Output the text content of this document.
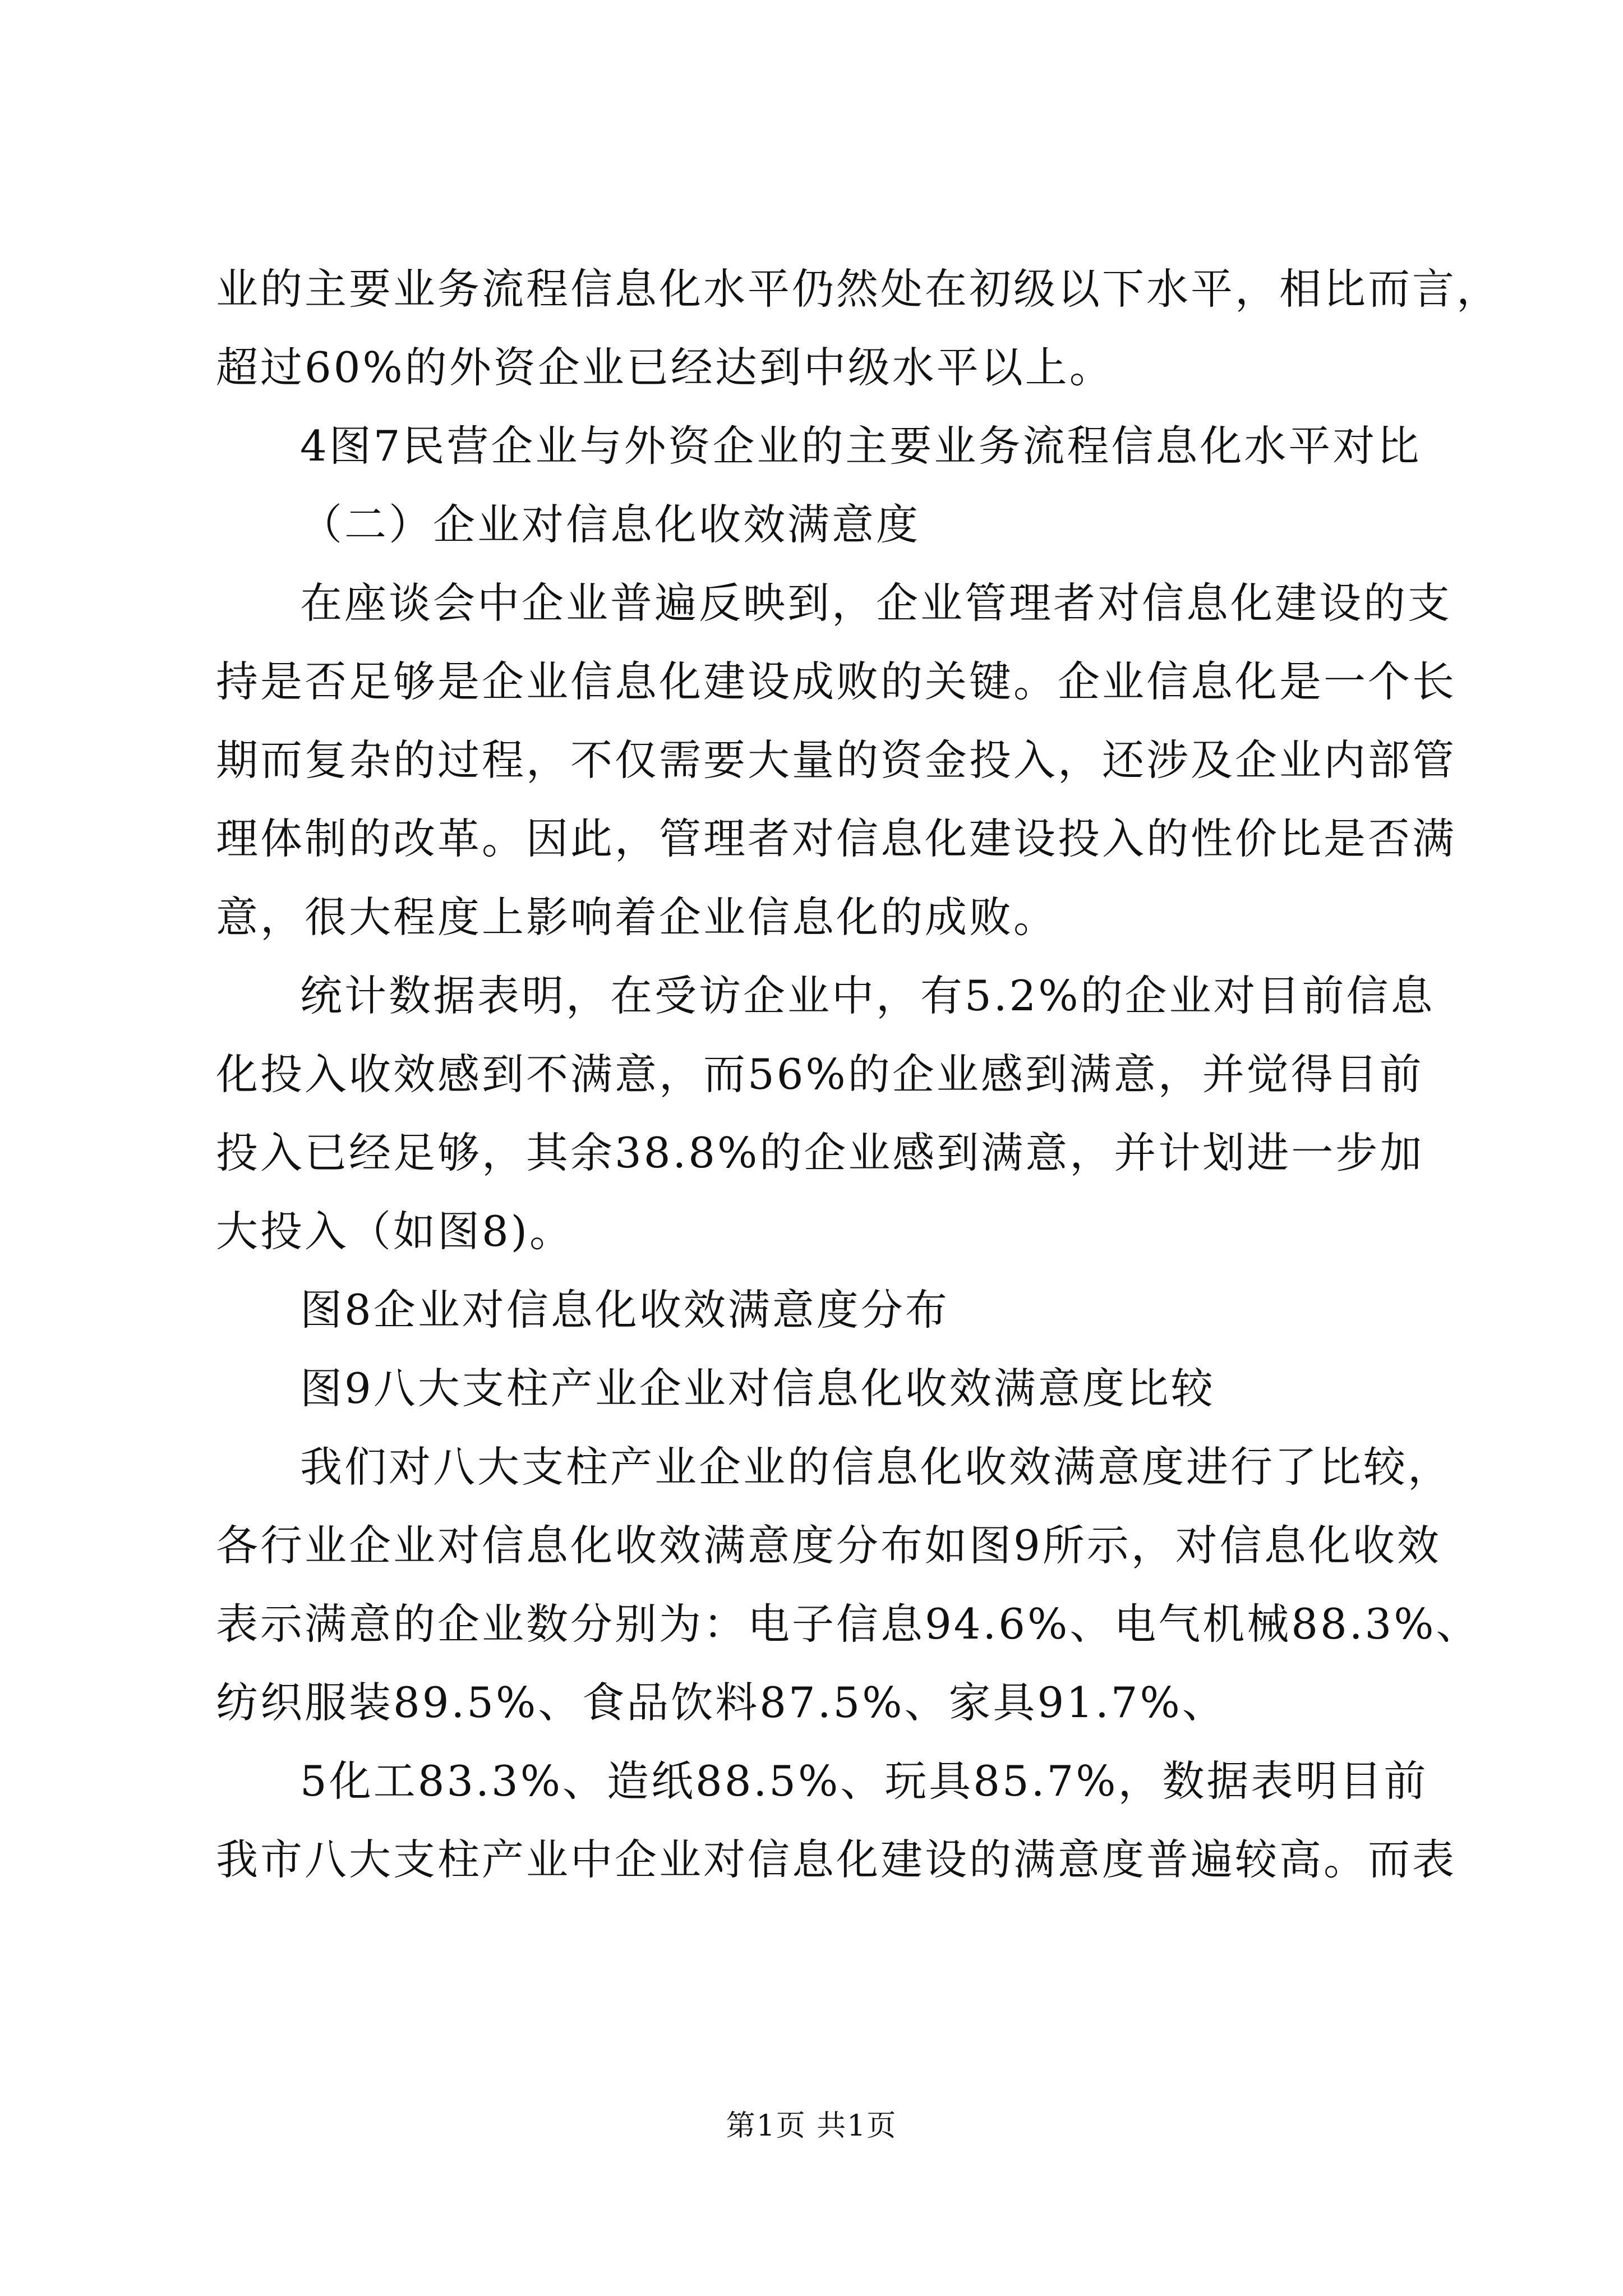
业的主要业务流程信息化水平仍然处在初级以下水平，相比而言，
超过60%的外资企业已经达到中级水平以上。
4图7民营企业与外资企业的主要业务流程信息化水平对比
（二）企业对信息化收效满意度
在座谈会中企业普遍反映到，企业管理者对信息化建设的支
持是否足够是企业信息化建设成败的关键。企业信息化是一个长
期而复杂的过程，不仅需要大量的资金投入，还涉及企业内部管
理体制的改革。因此，管理者对信息化建设投入的性价比是否满
意，很大程度上影响着企业信息化的成败。
统计数据表明，在受访企业中，有5.2%的企业对目前信息
化投入收效感到不满意，而56%的企业感到满意，并觉得目前
投入已经足够，其余38.8%的企业感到满意，并计划进一步加
大投入（如图8)。
图8企业对信息化收效满意度分布
图9八大支柱产业企业对信息化收效满意度比较
我们对八大支柱产业企业的信息化收效满意度进行了比较，
各行业企业对信息化收效满意度分布如图9所示，对信息化收效
表示满意的企业数分别为：电子信息94.6%、电气机械88.3%、
纺织服装89.5%、食品饮料87.5%、家具91.7%、
5化工83.3%、造纸88.5%、玩具85.7%，数据表明目前
我市八大支柱产业中企业对信息化建设的满意度普遍较高。而表
第1页 共1页
